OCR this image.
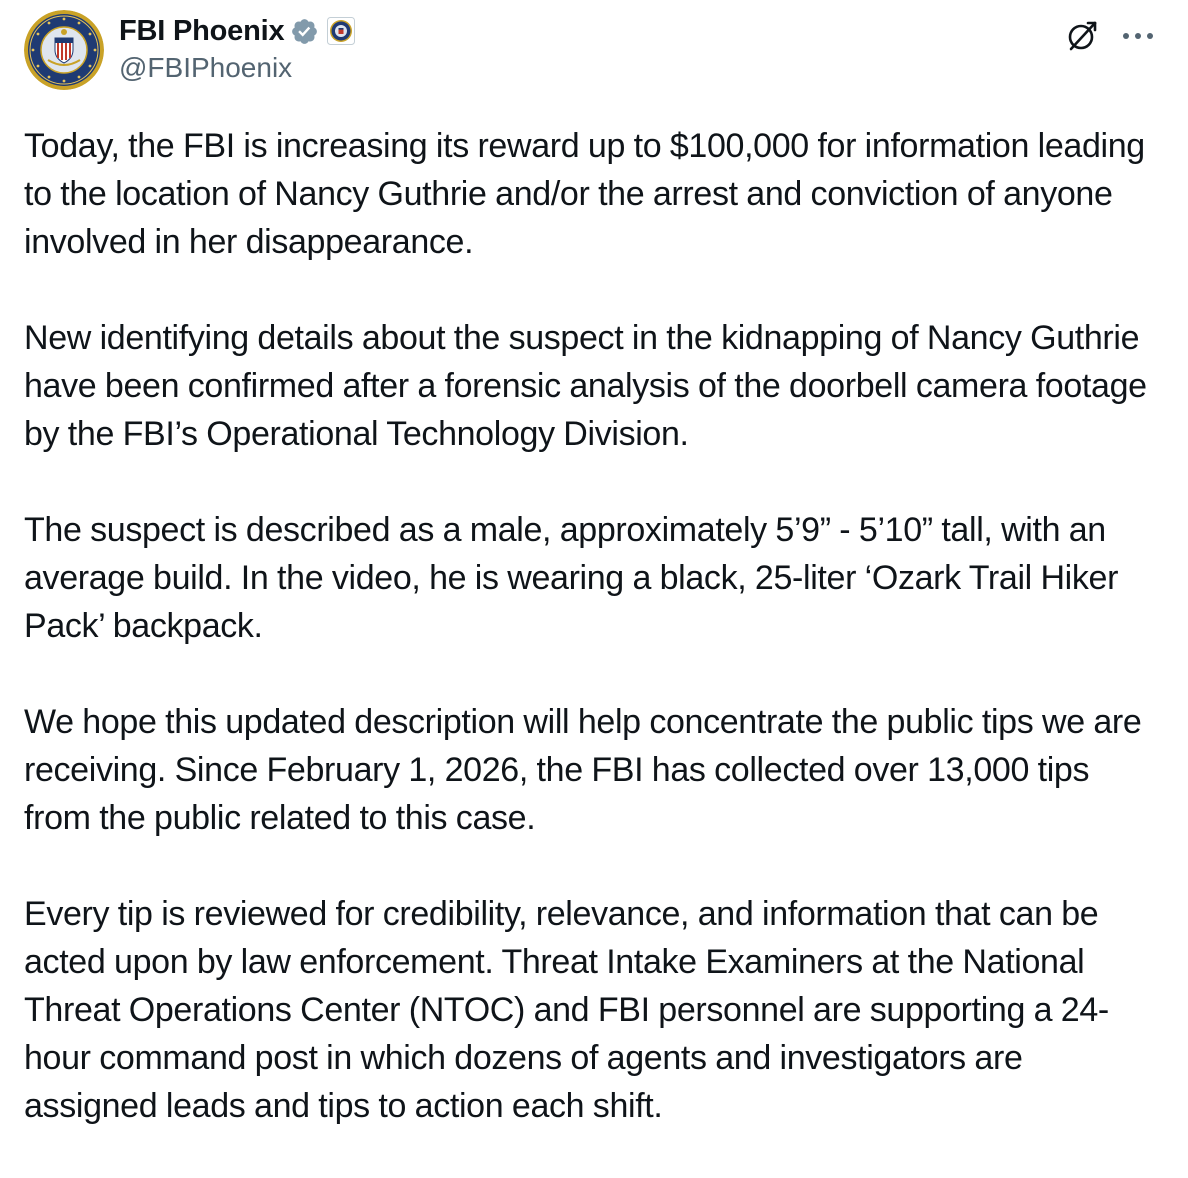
FBI Phoenix
@FBIPhoenix

Today, the FBI is increasing its reward up to $100,000 for information leading to the location of Nancy Guthrie and/or the arrest and conviction of anyone involved in her disappearance.

New identifying details about the suspect in the kidnapping of Nancy Guthrie have been confirmed after a forensic analysis of the doorbell camera footage by the FBI’s Operational Technology Division.

The suspect is described as a male, approximately 5’9” - 5’10” tall, with an average build. In the video, he is wearing a black, 25-liter ‘Ozark Trail Hiker Pack’ backpack.

We hope this updated description will help concentrate the public tips we are receiving. Since February 1, 2026, the FBI has collected over 13,000 tips from the public related to this case.

Every tip is reviewed for credibility, relevance, and information that can be acted upon by law enforcement. Threat Intake Examiners at the National Threat Operations Center (NTOC) and FBI personnel are supporting a 24-hour command post in which dozens of agents and investigators are assigned leads and tips to action each shift.
